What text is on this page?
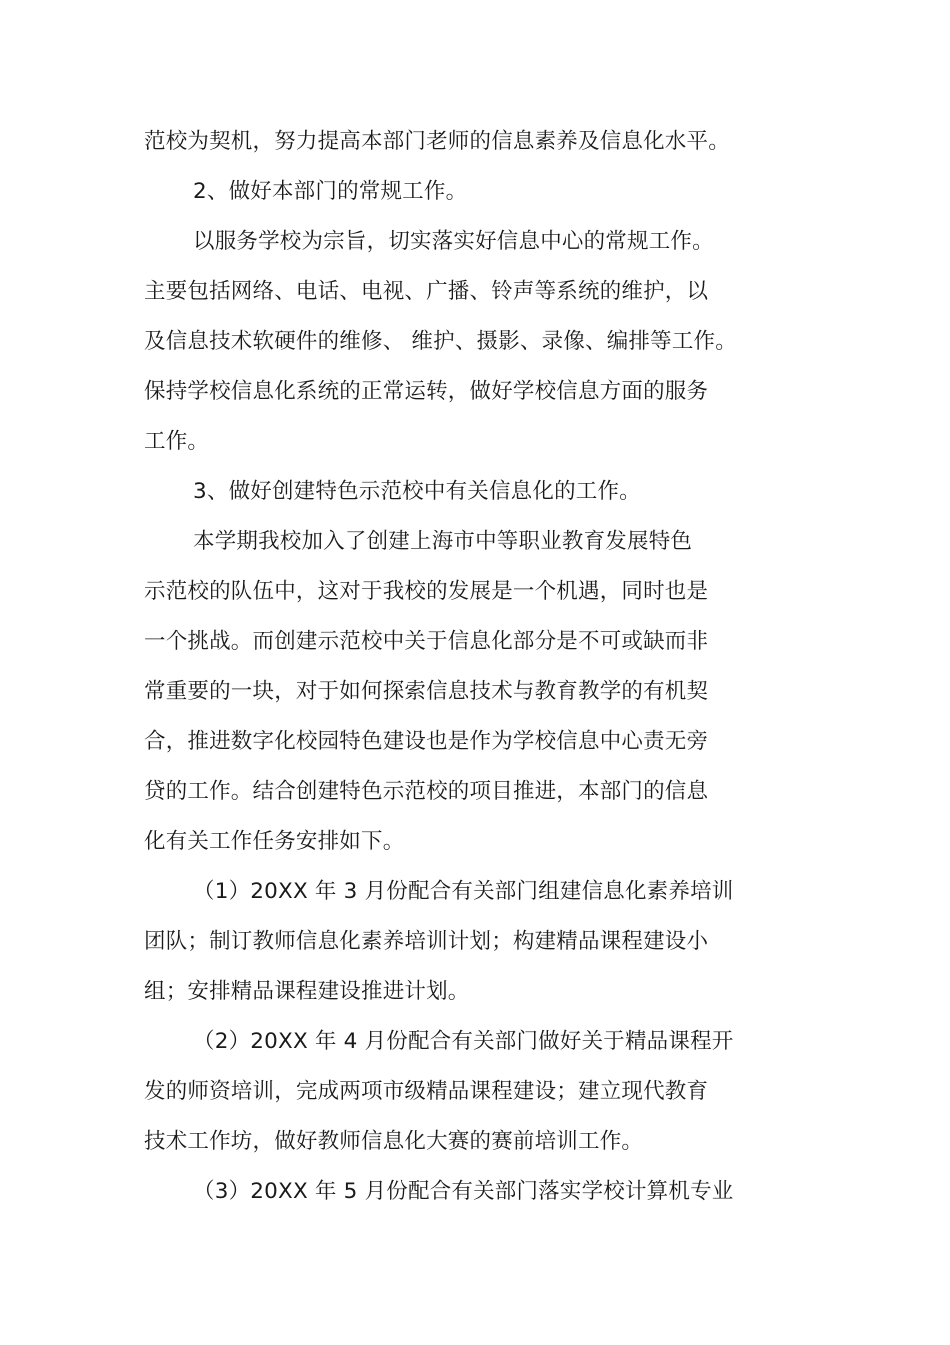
范校为契机，努力提高本部门老师的信息素养及信息化水平。
2、做好本部门的常规工作。
以服务学校为宗旨，切实落实好信息中心的常规工作。
主要包括网络、电话、电视、广播、铃声等系统的维护，以
及信息技术软硬件的维修、 维护、摄影、录像、编排等工作。
保持学校信息化系统的正常运转，做好学校信息方面的服务
工作。
3、做好创建特色示范校中有关信息化的工作。
本学期我校加入了创建上海市中等职业教育发展特色
示范校的队伍中，这对于我校的发展是一个机遇，同时也是
一个挑战。而创建示范校中关于信息化部分是不可或缺而非
常重要的一块，对于如何探索信息技术与教育教学的有机契
合，推进数字化校园特色建设也是作为学校信息中心责无旁
贷的工作。结合创建特色示范校的项目推进，本部门的信息
化有关工作任务安排如下。
（1）20XX 年 3 月份配合有关部门组建信息化素养培训
团队；制订教师信息化素养培训计划；构建精品课程建设小
组；安排精品课程建设推进计划。
（2）20XX 年 4 月份配合有关部门做好关于精品课程开
发的师资培训，完成两项市级精品课程建设；建立现代教育
技术工作坊，做好教师信息化大赛的赛前培训工作。
（3）20XX 年 5 月份配合有关部门落实学校计算机专业
